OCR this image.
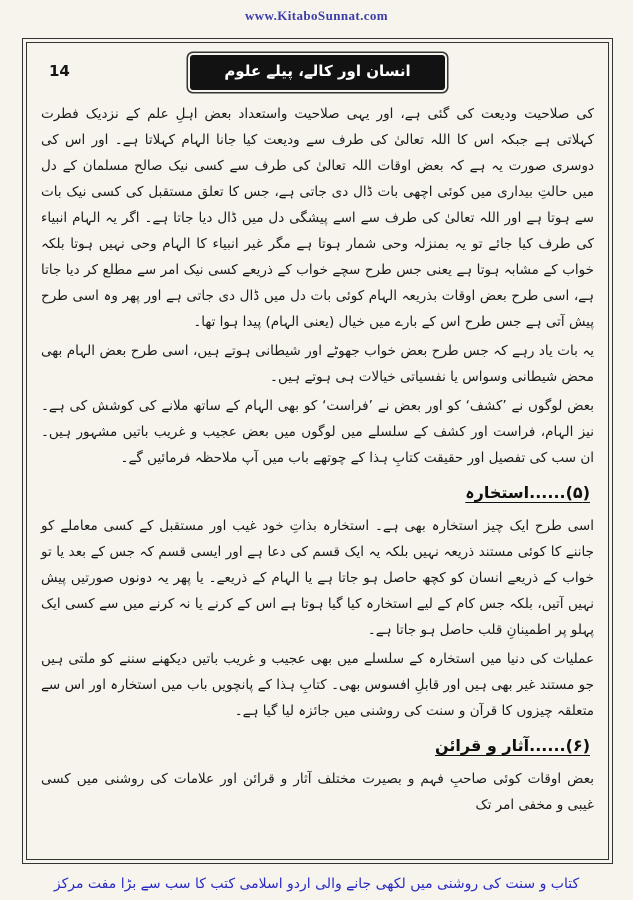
www.KitaboSunnat.com
14	انسان اور کالے، پیلے علوم

کی صلاحیت ودیعت کی گئی ہے، اور یہی صلاحیت واستعداد بعض اہلِ علم کے نزدیک فطرت کہلاتی ہے جبکہ اس کا اللہ تعالیٰ کی طرف سے ودیعت کیا جانا الہام کہلاتا ہے۔ اور اس کی دوسری صورت یہ ہے کہ بعض اوقات اللہ تعالیٰ کی طرف سے کسی نیک صالح مسلمان کے دل میں حالتِ بیداری میں کوئی اچھی بات ڈال دی جاتی ہے، جس کا تعلق مستقبل کی کسی نیک بات سے ہوتا ہے اور اللہ تعالیٰ کی طرف سے اسے پیشگی دل میں ڈال دیا جاتا ہے۔ اگر یہ الہام انبیاء کی طرف کیا جائے تو یہ بمنزلہ وحی شمار ہوتا ہے مگر غیر انبیاء کا الہام وحی نہیں ہوتا بلکہ خواب کے مشابہ ہوتا ہے یعنی جس طرح سچے خواب کے ذریعے کسی نیک امر سے مطلع کر دیا جاتا ہے، اسی طرح بعض اوقات بذریعہ الہام کوئی بات دل میں ڈال دی جاتی ہے اور پھر وہ اسی طرح پیش آتی ہے جس طرح اس کے بارے میں خیال (یعنی الہام) پیدا ہوا تھا۔

یہ بات یاد رہے کہ جس طرح بعض خواب جھوٹے اور شیطانی ہوتے ہیں، اسی طرح بعض الہام بھی محض شیطانی وسواس یا نفسیاتی خیالات ہی ہوتے ہیں۔

بعض لوگوں نے ’کشف‘ کو اور بعض نے ’فراست‘ کو بھی الہام کے ساتھ ملانے کی کوشش کی ہے۔ نیز الہام، فراست اور کشف کے سلسلے میں لوگوں میں بعض عجیب و غریب باتیں مشہور ہیں۔ ان سب کی تفصیل اور حقیقت کتابِ ہذا کے چوتھے باب میں آپ ملاحظہ فرمائیں گے۔

(۵)......استخارہ

اسی طرح ایک چیز استخارہ بھی ہے۔ استخارہ بذاتِ خود غیب اور مستقبل کے کسی معاملے کو جاننے کا کوئی مستند ذریعہ نہیں بلکہ یہ ایک قسم کی دعا ہے اور ایسی قسم کہ جس کے بعد یا تو خواب کے ذریعے انسان کو کچھ حاصل ہو جاتا ہے یا الہام کے ذریعے۔ یا پھر یہ دونوں صورتیں پیش نہیں آتیں، بلکہ جس کام کے لیے استخارہ کیا گیا ہوتا ہے اس کے کرنے یا نہ کرنے میں سے کسی ایک پہلو پر اطمینانِ قلب حاصل ہو جاتا ہے۔

عملیات کی دنیا میں استخارہ کے سلسلے میں بھی عجیب و غریب باتیں دیکھنے سننے کو ملتی ہیں جو مستند غیر بھی ہیں اور قابلِ افسوس بھی۔ کتابِ ہذا کے پانچویں باب میں استخارہ اور اس سے متعلقہ چیزوں کا قرآن و سنت کی روشنی میں جائزہ لیا گیا ہے۔

(۶)......آثار و قرائن

بعض اوقات کوئی صاحبِ فہم و بصیرت مختلف آثار و قرائن اور علامات کی روشنی میں کسی غیبی و مخفی امر تک

کتاب و سنت کی روشنی میں لکھی جانے والی اردو اسلامی کتب کا سب سے بڑا مفت مرکز
